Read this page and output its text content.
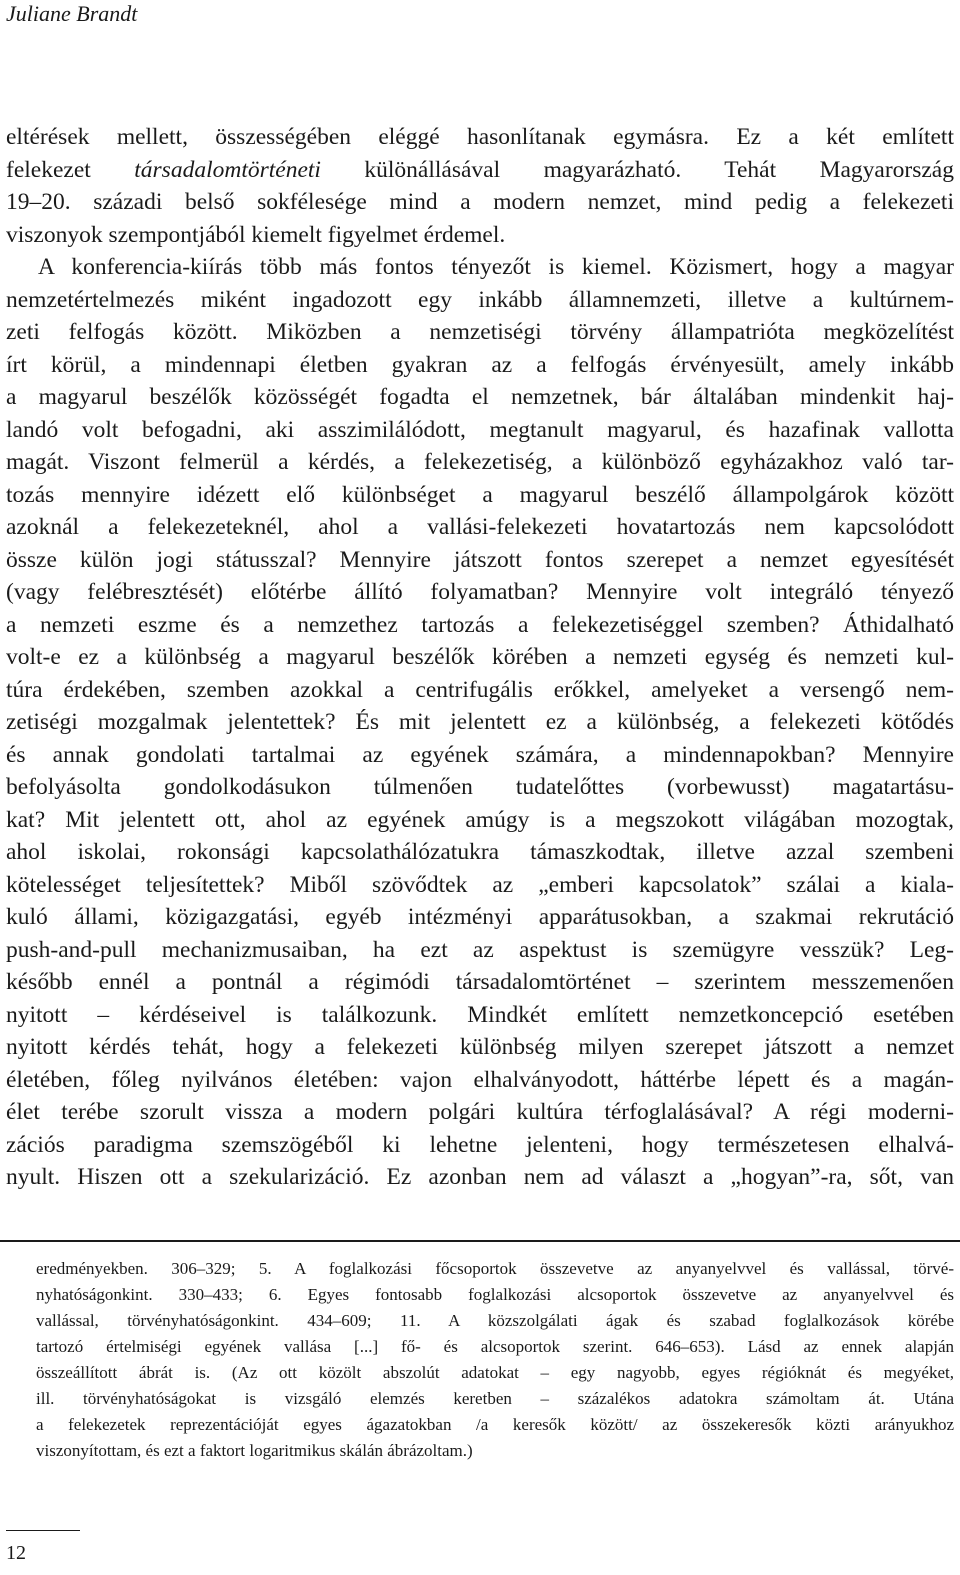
Juliane Brandt
eltérések mellett, összességében eléggé hasonlítanak egymásra. Ez a két említett
felekezet társadalomtörténeti különállásával magyarázható. Tehát Magyarország
19–20. századi belső sokfélesége mind a modern nemzet, mind pedig a felekezeti
viszonyok szempontjából kiemelt figyelmet érdemel.
A konferencia-kiírás több más fontos tényezőt is kiemel. Közismert, hogy a magyar
nemzetértelmezés miként ingadozott egy inkább államnemzeti, illetve a kultúrnem-
zeti felfogás között. Miközben a nemzetiségi törvény állampatrióta megközelítést
írt körül, a mindennapi életben gyakran az a felfogás érvényesült, amely inkább
a magyarul beszélők közösségét fogadta el nemzetnek, bár általában mindenkit haj-
landó volt befogadni, aki asszimilálódott, megtanult magyarul, és hazafinak vallotta
magát. Viszont felmerül a kérdés, a felekezetiség, a különböző egyházakhoz való tar-
tozás mennyire idézett elő különbséget a magyarul beszélő állampolgárok között
azoknál a felekezeteknél, ahol a vallási-felekezeti hovatartozás nem kapcsolódott
össze külön jogi státusszal? Mennyire játszott fontos szerepet a nemzet egyesítését
(vagy felébresztését) előtérbe állító folyamatban? Mennyire volt integráló tényező
a nemzeti eszme és a nemzethez tartozás a felekezetiséggel szemben? Áthidalható
volt-e ez a különbség a magyarul beszélők körében a nemzeti egység és nemzeti kul-
túra érdekében, szemben azokkal a centrifugális erőkkel, amelyeket a versengő nem-
zetiségi mozgalmak jelentettek? És mit jelentett ez a különbség, a felekezeti kötődés
és annak gondolati tartalmai az egyének számára, a mindennapokban? Mennyire
befolyásolta gondolkodásukon túlmenően tudatelőttes (vorbewusst) magatartásu-
kat? Mit jelentett ott, ahol az egyének amúgy is a megszokott világában mozogtak,
ahol iskolai, rokonsági kapcsolathálózatukra támaszkodtak, illetve azzal szembeni
kötelességet teljesítettek? Miből szövődtek az „emberi kapcsolatok” szálai a kiala-
kuló állami, közigazgatási, egyéb intézményi apparátusokban, a szakmai rekrutáció
push-and-pull mechanizmusaiban, ha ezt az aspektust is szemügyre vesszük? Leg-
később ennél a pontnál a régimódi társadalomtörténet – szerintem messzemenően
nyitott – kérdéseivel is találkozunk. Mindkét említett nemzetkoncepció esetében
nyitott kérdés tehát, hogy a felekezeti különbség milyen szerepet játszott a nemzet
életében, főleg nyilvános életében: vajon elhalványodott, háttérbe lépett és a magán-
élet terébe szorult vissza a modern polgári kultúra térfoglalásával? A régi moderni-
zációs paradigma szemszögéből ki lehetne jelenteni, hogy természetesen elhalvá-
nyult. Hiszen ott a szekularizáció. Ez azonban nem ad választ a „hogyan”-ra, sőt, van
eredményekben. 306–329; 5. A foglalkozási főcsoportok összevetve az anyanyelvvel és vallással, törvé-
nyhatóságonkint. 330–433; 6. Egyes fontosabb foglalkozási alcsoportok összevetve az anyanyelvvel és
vallással, törvényhatóságonkint. 434–609; 11. A közszolgálati ágak és szabad foglalkozások körébe
tartozó értelmiségi egyének vallása [...] fő- és alcsoportok szerint. 646–653). Lásd az ennek alapján
összeállított ábrát is. (Az ott közölt abszolút adatokat – egy nagyobb, egyes régióknát és megyéket,
ill. törvényhatóságokat is vizsgáló elemzés keretben – százalékos adatokra számoltam át. Utána
a felekezetek reprezentációját egyes ágazatokban /a keresők között/ az összekeresők közti arányukhoz
viszonyítottam, és ezt a faktort logaritmikus skálán ábrázoltam.)
12
